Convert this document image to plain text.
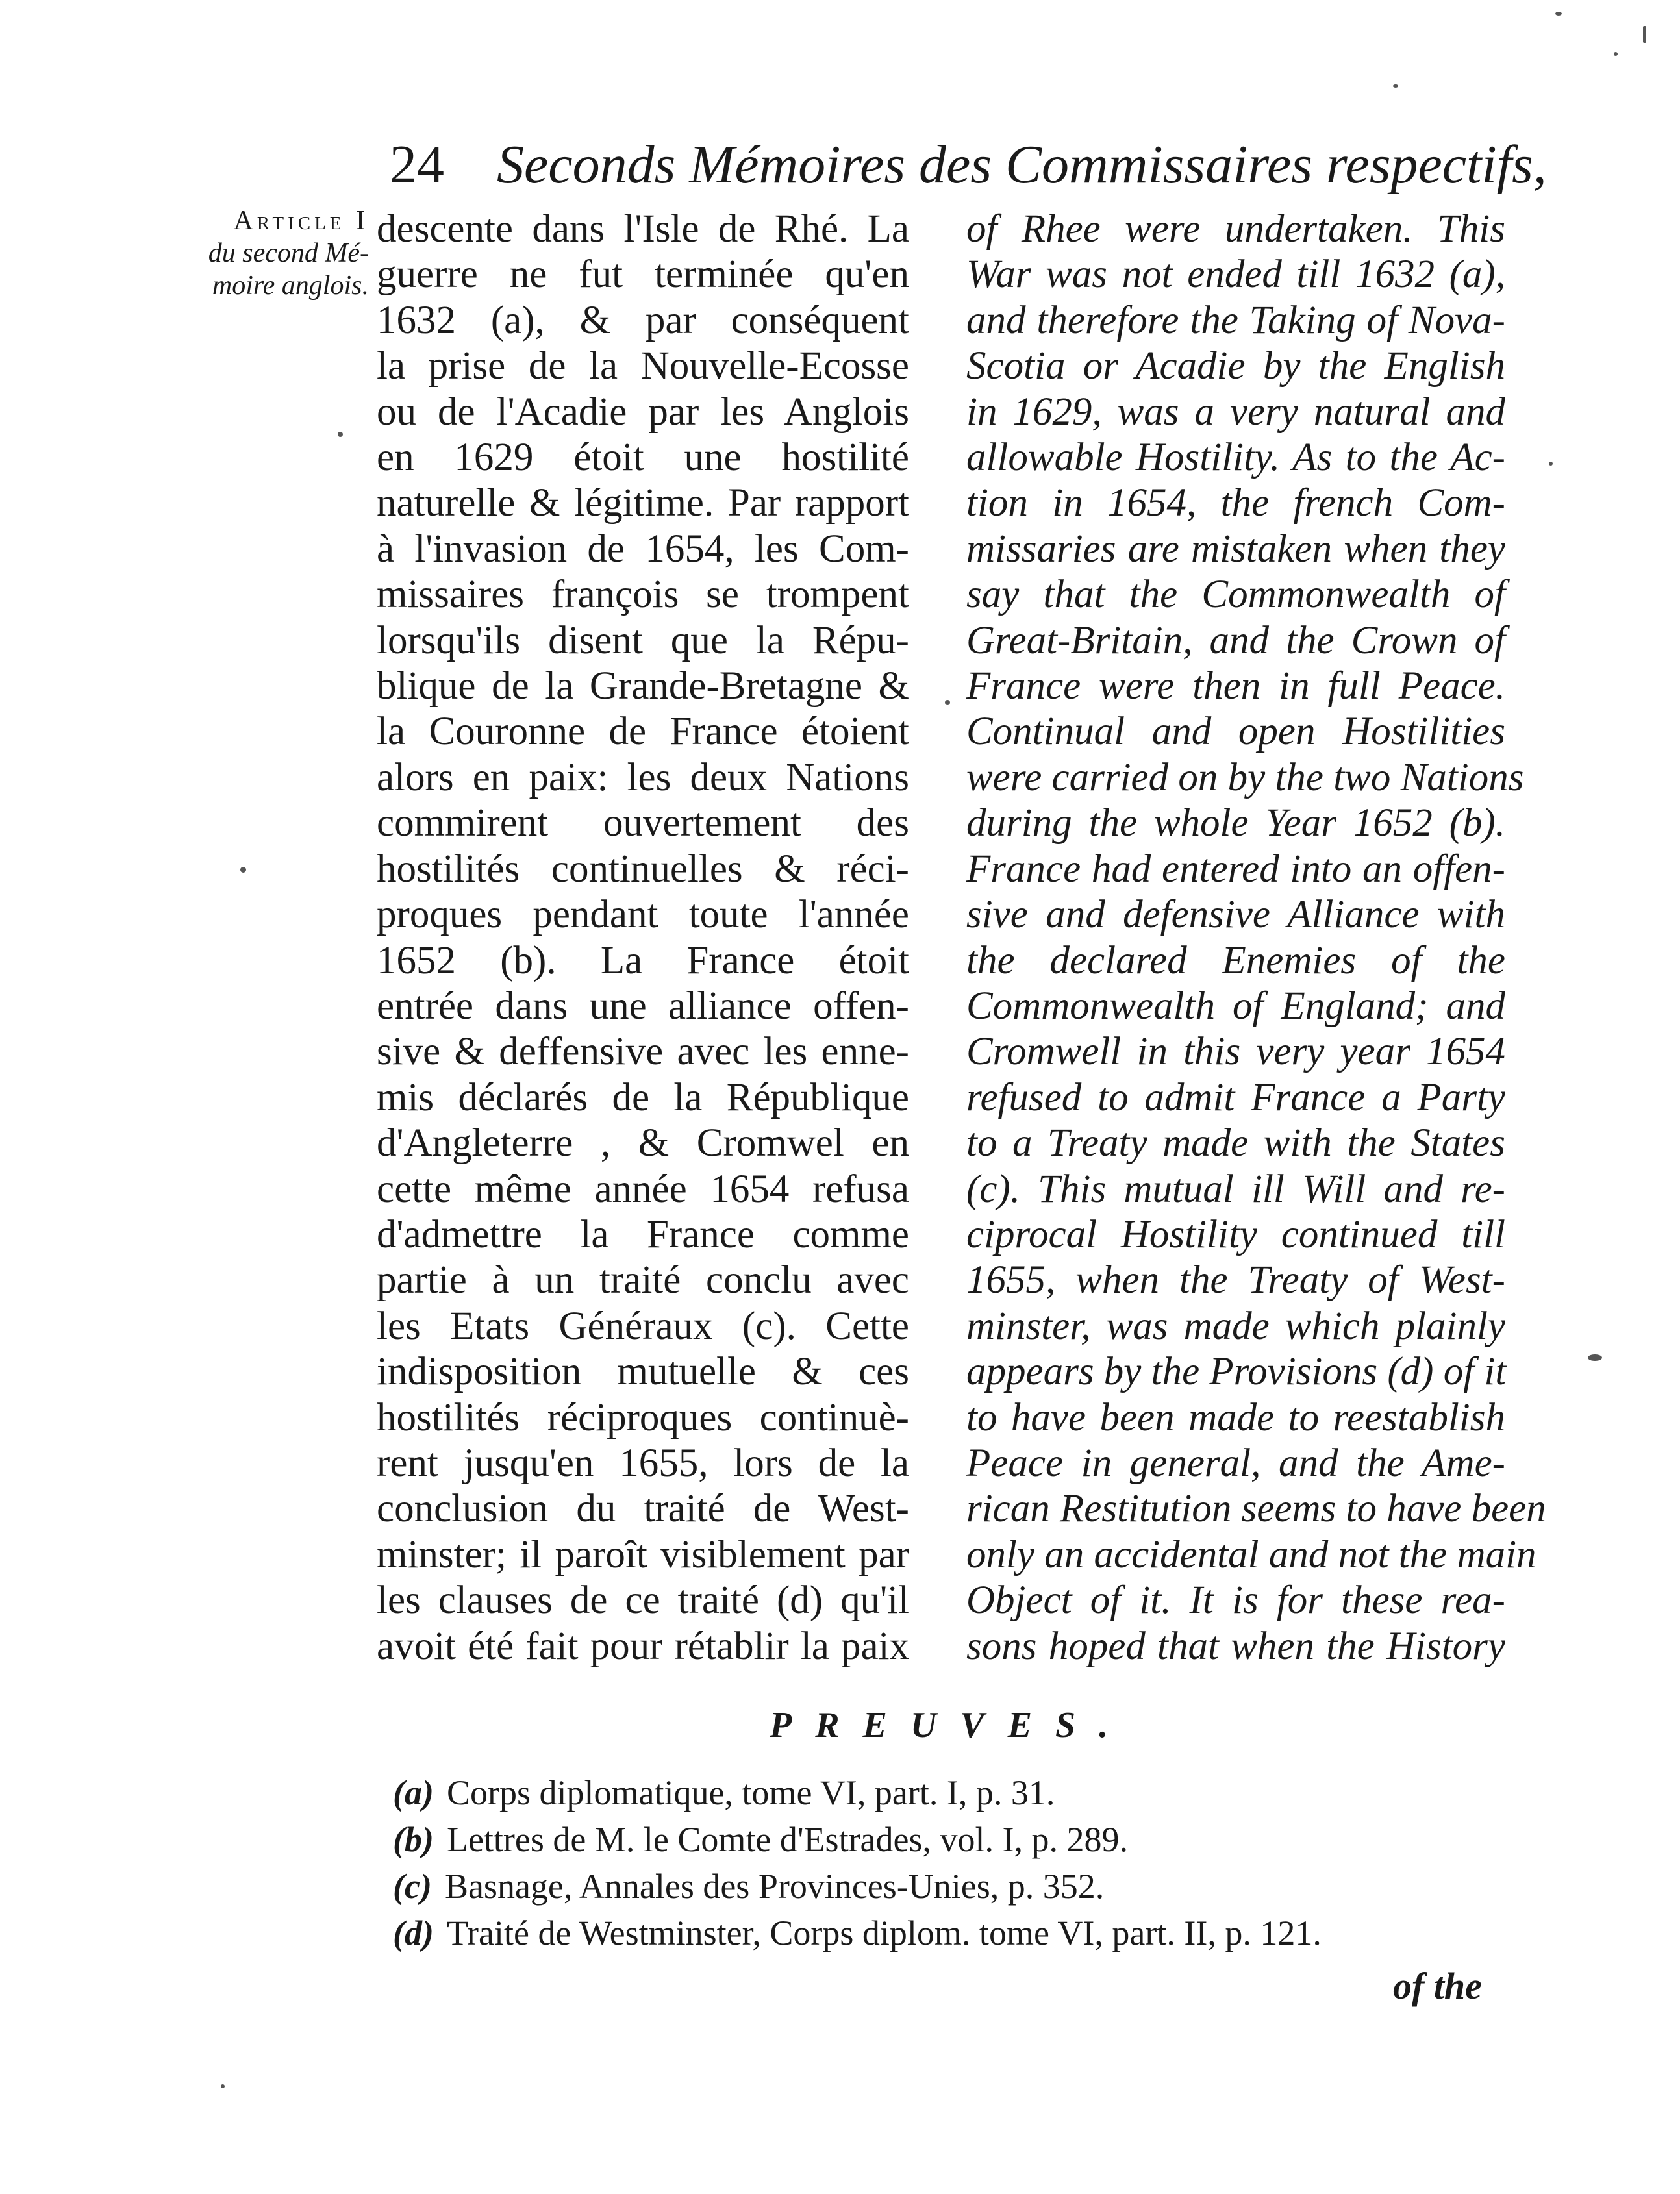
24 Seconds Mémoires des Commissaires respectifs,
Article I
du second Mé-
moire anglois.
descente dans l'Isle de Rhé. La
guerre ne fut terminée qu'en
1632 (a), & par conséquent
la prise de la Nouvelle-Ecosse
ou de l'Acadie par les Anglois
en 1629 étoit une hostilité
naturelle & légitime. Par rapport
à l'invasion de 1654, les Com-
missaires françois se trompent
lorsqu'ils disent que la Répu-
blique de la Grande-Bretagne &
la Couronne de France étoient
alors en paix: les deux Nations
commirent ouvertement des
hostilités continuelles & réci-
proques pendant toute l'année
1652 (b). La France étoit
entrée dans une alliance offen-
sive & deffensive avec les enne-
mis déclarés de la République
d'Angleterre , & Cromwel en
cette même année 1654 refusa
d'admettre la France comme
partie à un traité conclu avec
les Etats Généraux (c). Cette
indisposition mutuelle & ces
hostilités réciproques continuè-
rent jusqu'en 1655, lors de la
conclusion du traité de West-
minster; il paroît visiblement par
les clauses de ce traité (d) qu'il
avoit été fait pour rétablir la paix
of Rhee were undertaken. This
War was not ended till 1632 (a),
and therefore the Taking of Nova-
Scotia or Acadie by the English
in 1629, was a very natural and
allowable Hostility. As to the Ac-
tion in 1654, the french Com-
missaries are mistaken when they
say that the Commonwealth of
Great-Britain, and the Crown of
France were then in full Peace.
Continual and open Hostilities
were carried on by the two Nations
during the whole Year 1652 (b).
France had entered into an offen-
sive and defensive Alliance with
the declared Enemies of the
Commonwealth of England; and
Cromwell in this very year 1654
refused to admit France a Party
to a Treaty made with the States
(c). This mutual ill Will and re-
ciprocal Hostility continued till
1655, when the Treaty of West-
minster, was made which plainly
appears by the Provisions (d) of it
to have been made to reestablish
Peace in general, and the Ame-
rican Restitution seems to have been
only an accidental and not the main
Object of it. It is for these rea-
sons hoped that when the History
PREUVES.
(a) Corps diplomatique, tome VI, part. I, p. 31.
(b) Lettres de M. le Comte d'Estrades, vol. I, p. 289.
(c) Basnage, Annales des Provinces-Unies, p. 352.
(d) Traité de Westminster, Corps diplom. tome VI, part. II, p. 121.
of the
